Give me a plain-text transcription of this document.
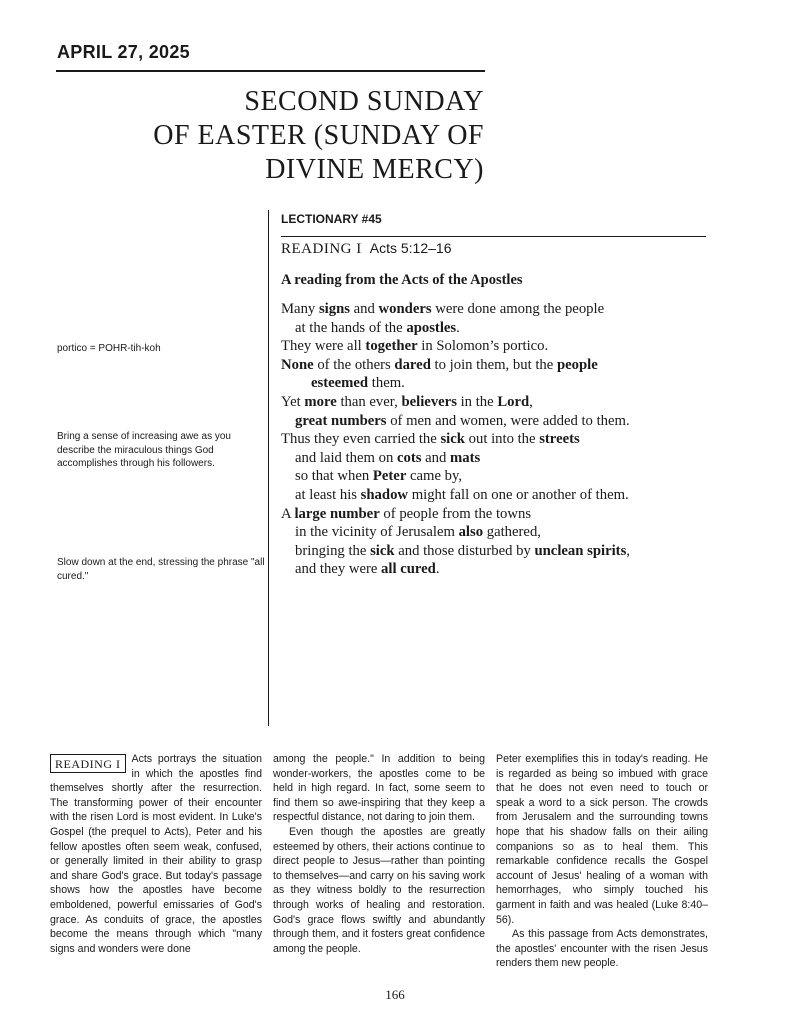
APRIL 27, 2025
SECOND SUNDAY
OF EASTER (SUNDAY OF
DIVINE MERCY)
LECTIONARY #45
READING I Acts 5:12–16
A reading from the Acts of the Apostles
Many signs and wonders were done among the people
at the hands of the apostles.
They were all together in Solomon’s portico.
None of the others dared to join them, but the people
esteemed them.
Yet more than ever, believers in the Lord,
great numbers of men and women, were added to them.
Thus they even carried the sick out into the streets
and laid them on cots and mats
so that when Peter came by,
at least his shadow might fall on one or another of them.
A large number of people from the towns
in the vicinity of Jerusalem also gathered,
bringing the sick and those disturbed by unclean spirits,
and they were all cured.
portico = POHR-tih-koh
Bring a sense of increasing awe as you describe the miraculous things God accomplishes through his followers.
Slow down at the end, stressing the phrase "all cured."

READING I	Acts portrays the situation in which the apostles find themselves shortly after the resurrection. The transforming power of their encounter with the risen Lord is most evident. In Luke's Gospel (the prequel to Acts), Peter and his fellow apostles often seem weak, confused, or generally limited in their ability to grasp and share God's grace. But today's passage shows how the apostles have become emboldened, powerful emissaries of God's grace. As conduits of grace, the apostles become the means through which "many signs and wonders were done

among the people." In addition to being wonder-workers, the apostles come to be held in high regard. In fact, some seem to find them so awe-inspiring that they keep a respectful distance, not daring to join them.

Even though the apostles are greatly esteemed by others, their actions continue to direct people to Jesus—rather than pointing to themselves—and carry on his saving work as they witness boldly to the resurrection through works of healing and restoration. God's grace flows swiftly and abundantly through them, and it fosters great confidence among the people.

Peter exemplifies this in today's reading. He is regarded as being so imbued with grace that he does not even need to touch or speak a word to a sick person. The crowds from Jerusalem and the surrounding towns hope that his shadow falls on their ailing companions so as to heal them. This remarkable confidence recalls the Gospel account of Jesus' healing of a woman with hemorrhages, who simply touched his garment in faith and was healed (Luke 8:40–56).

As this passage from Acts demonstrates, the apostles' encounter with the risen Jesus renders them new people.

166
